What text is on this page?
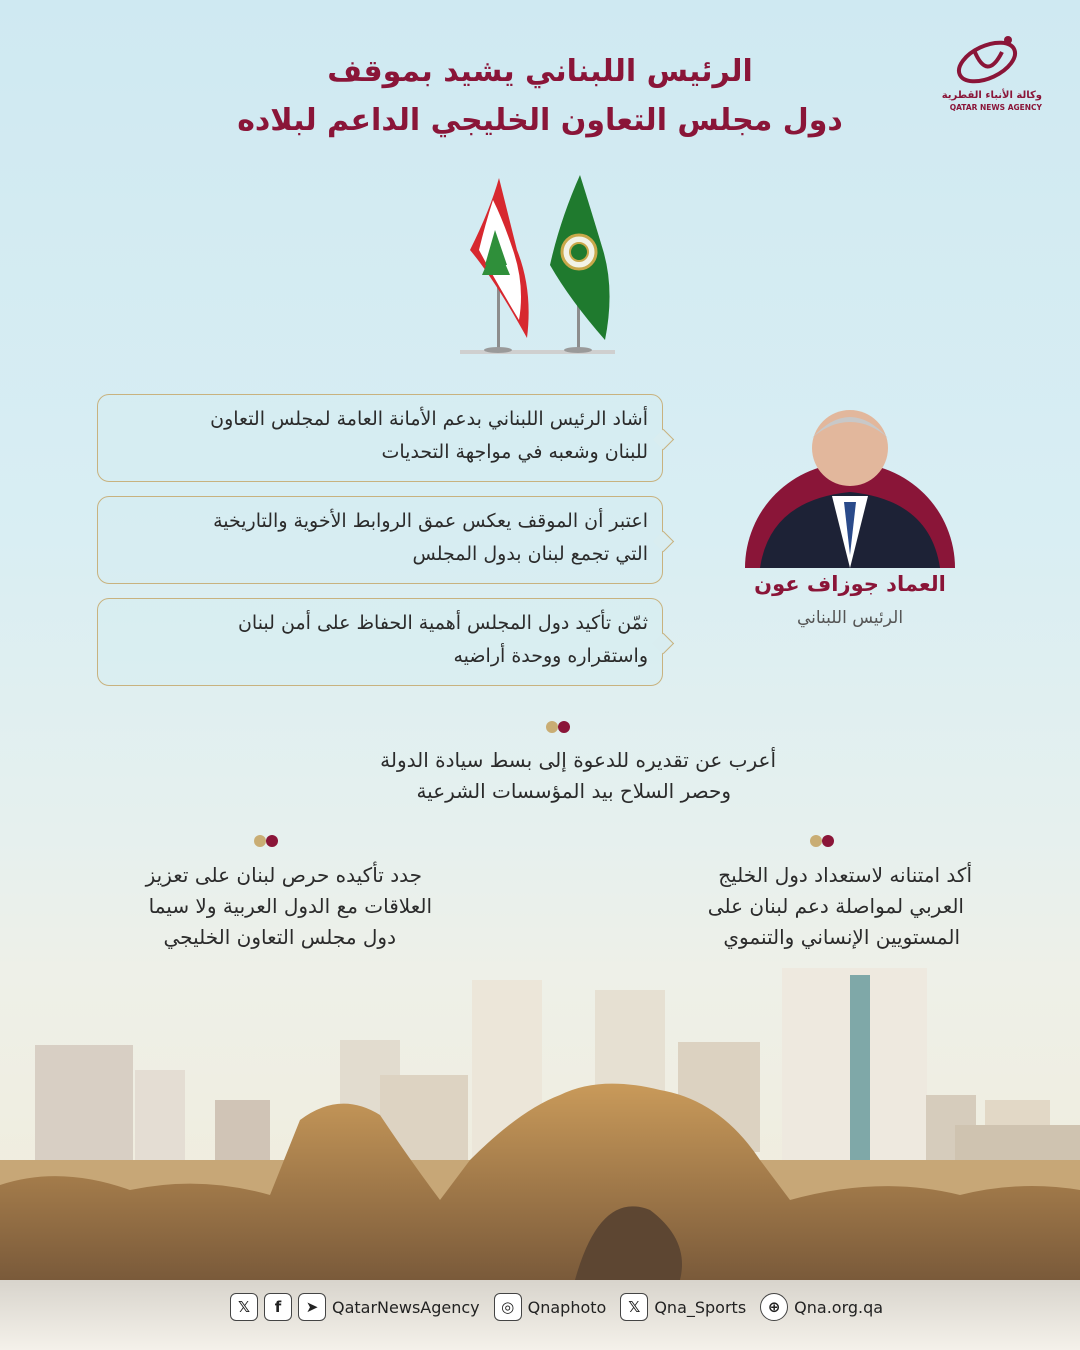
وكالة الأنباء القطرية
QATAR NEWS AGENCY
الرئيس اللبناني يشيد بموقف
دول مجلس التعاون الخليجي الداعم لبلاده
العماد جوزاف عون
الرئيس اللبناني
أشاد الرئيس اللبناني بدعم الأمانة العامة لمجلس التعاون
للبنان وشعبه في مواجهة التحديات
اعتبر أن الموقف يعكس عمق الروابط الأخوية والتاريخية
التي تجمع لبنان بدول المجلس
ثمّن تأكيد دول المجلس أهمية الحفاظ على أمن لبنان
واستقراره ووحدة أراضيه
أعرب عن تقديره للدعوة إلى بسط سيادة الدولة
وحصر السلاح بيد المؤسسات الشرعية
أكد امتنانه لاستعداد دول الخليج
العربي لمواصلة دعم لبنان على
المستويين الإنساني والتنموي
جدد تأكيده حرص لبنان على تعزيز
العلاقات مع الدول العربية ولا سيما
دول مجلس التعاون الخليجي
𝕏	f	➤ QatarNewsAgency	◎ Qnaphoto	𝕏 Qna_Sports	⊕ Qna.org.qa
